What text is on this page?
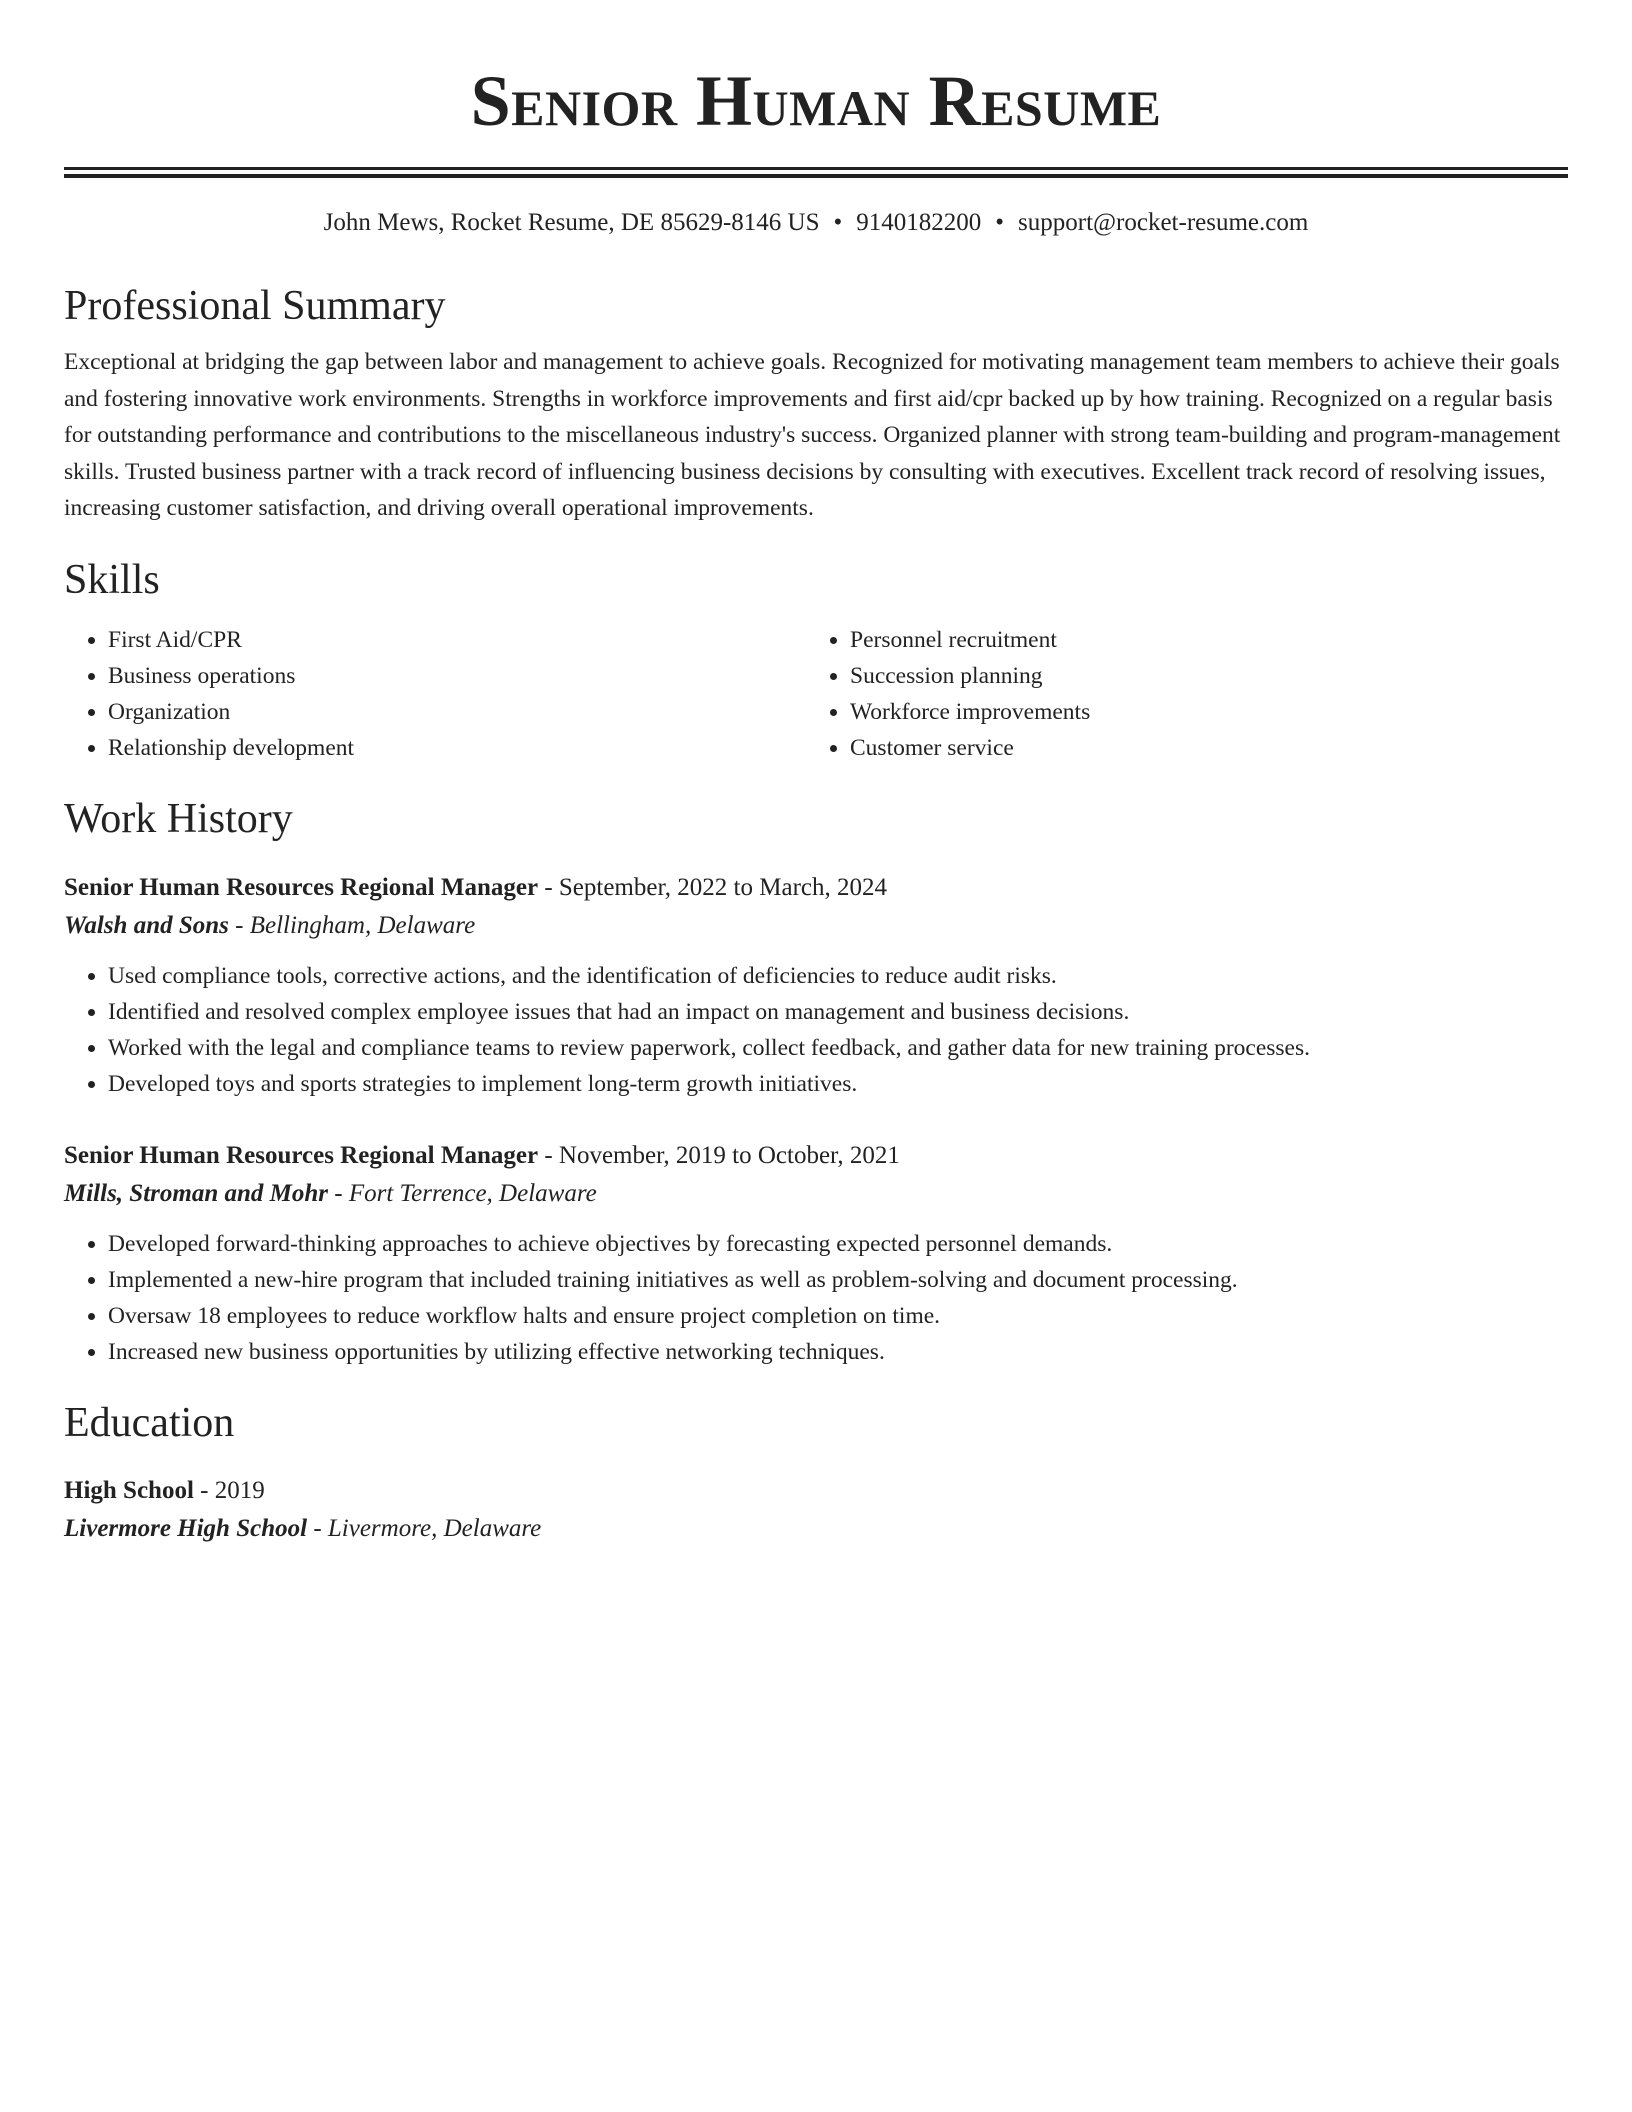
Senior Human Resume
John Mews, Rocket Resume, DE 85629-8146 US • 9140182200 • support@rocket-resume.com
Professional Summary

Exceptional at bridging the gap between labor and management to achieve goals. Recognized for motivating management team members to achieve their goals and fostering innovative work environments. Strengths in workforce improvements and first aid/cpr backed up by how training. Recognized on a regular basis for outstanding performance and contributions to the miscellaneous industry's success. Organized planner with strong team-building and program-management skills. Trusted business partner with a track record of influencing business decisions by consulting with executives. Excellent track record of resolving issues, increasing customer satisfaction, and driving overall operational improvements.

Skills
• First Aid/CPR
• Business operations
• Organization
• Relationship development
• Personnel recruitment
• Succession planning
• Workforce improvements
• Customer service
Work History
Senior Human Resources Regional Manager - September, 2022 to March, 2024
Walsh and Sons - Bellingham, Delaware
• Used compliance tools, corrective actions, and the identification of deficiencies to reduce audit risks.
• Identified and resolved complex employee issues that had an impact on management and business decisions.
• Worked with the legal and compliance teams to review paperwork, collect feedback, and gather data for new training processes.
• Developed toys and sports strategies to implement long-term growth initiatives.
Senior Human Resources Regional Manager - November, 2019 to October, 2021
Mills, Stroman and Mohr - Fort Terrence, Delaware
• Developed forward-thinking approaches to achieve objectives by forecasting expected personnel demands.
• Implemented a new-hire program that included training initiatives as well as problem-solving and document processing.
• Oversaw 18 employees to reduce workflow halts and ensure project completion on time.
• Increased new business opportunities by utilizing effective networking techniques.
Education
High School - 2019
Livermore High School - Livermore, Delaware
